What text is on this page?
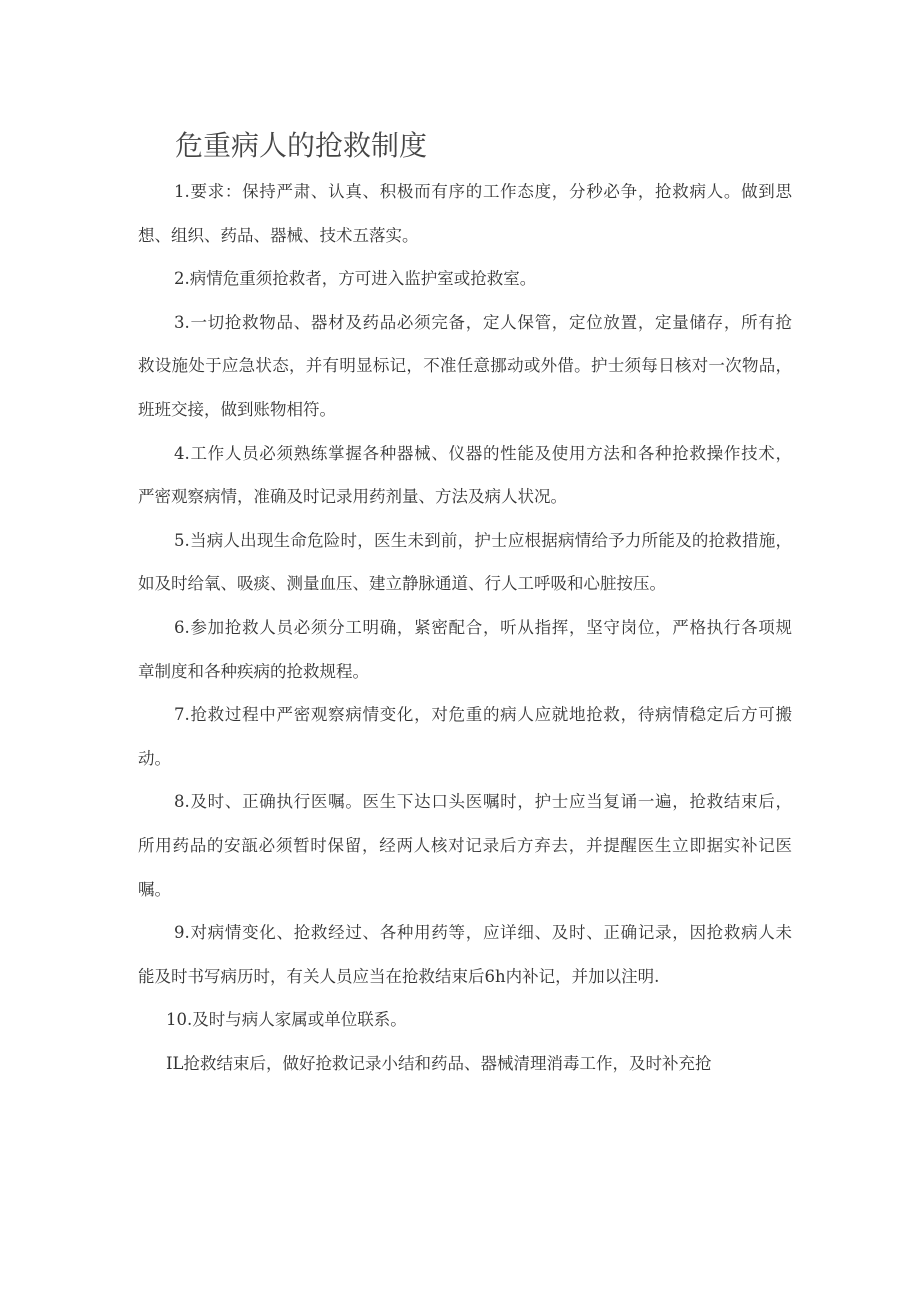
危重病人的抢救制度
1.要求：保持严肃、认真、积极而有序的工作态度，分秒必争，抢救病人。做到思
想、组织、药品、器械、技术五落实。
2.病情危重须抢救者，方可进入监护室或抢救室。
3.一切抢救物品、器材及药品必须完备，定人保管，定位放置，定量储存，所有抢
救设施处于应急状态，并有明显标记，不准任意挪动或外借。护士须每日核对一次物品，
班班交接，做到账物相符。
4.工作人员必须熟练掌握各种器械、仪器的性能及使用方法和各种抢救操作技术，
严密观察病情，准确及时记录用药剂量、方法及病人状况。
5.当病人出现生命危险时，医生未到前，护士应根据病情给予力所能及的抢救措施，
如及时给氧、吸痰、测量血压、建立静脉通道、行人工呼吸和心脏按压。
6.参加抢救人员必须分工明确，紧密配合，听从指挥，坚守岗位，严格执行各项规
章制度和各种疾病的抢救规程。
7.抢救过程中严密观察病情变化，对危重的病人应就地抢救，待病情稳定后方可搬
动。
8.及时、正确执行医嘱。医生下达口头医嘱时，护士应当复诵一遍，抢救结束后，
所用药品的安瓿必须暂时保留，经两人核对记录后方弃去，并提醒医生立即据实补记医
嘱。
9.对病情变化、抢救经过、各种用药等，应详细、及时、正确记录，因抢救病人未
能及时书写病历时，有关人员应当在抢救结束后6h内补记，并加以注明.
10.及时与病人家属或单位联系。
IL抢救结束后，做好抢救记录小结和药品、器械清理消毒工作，及时补充抢
